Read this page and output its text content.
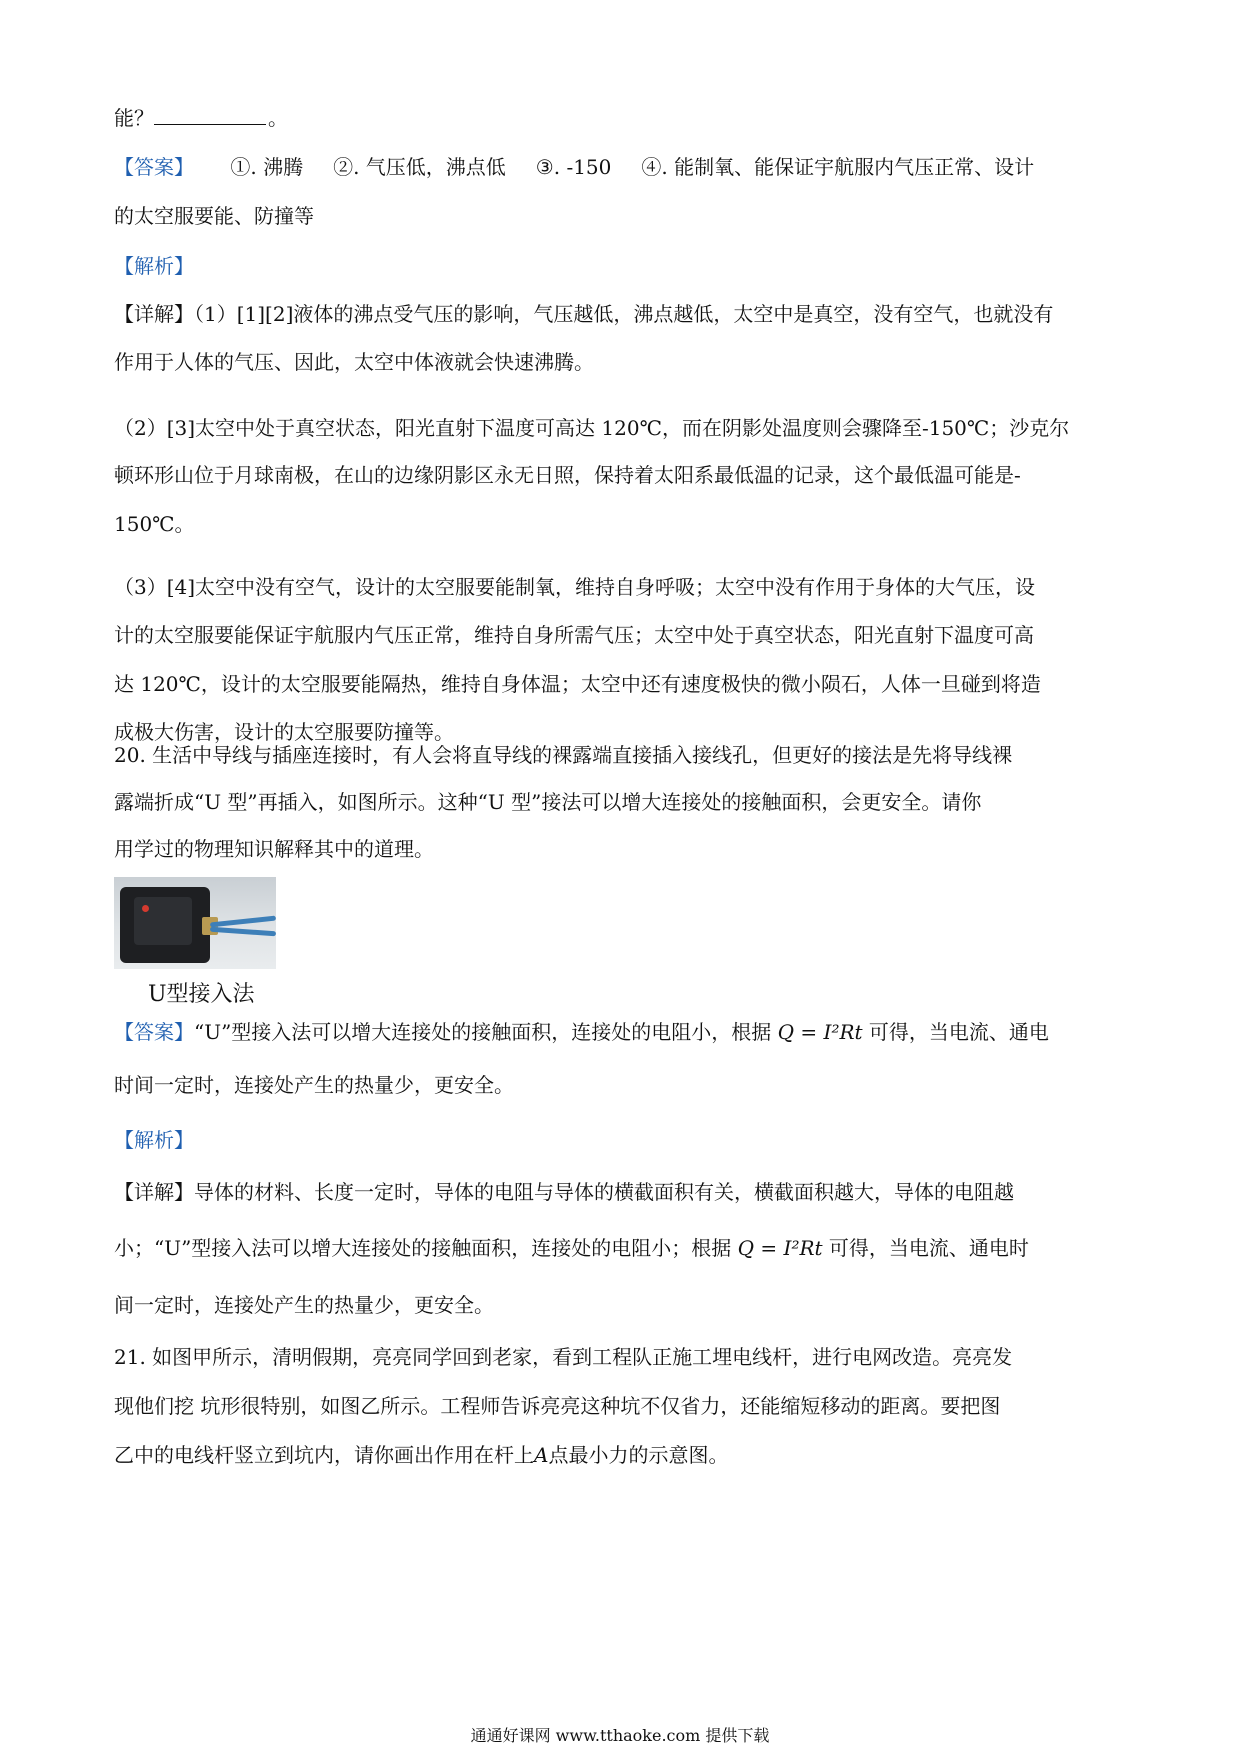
能？	。
【答案】 ①. 沸腾 ②. 气压低，沸点低 ③. -150 ④. 能制氧、能保证宇航服内气压正常、设计
的太空服要能、防撞等
【解析】
【详解】（1）[1][2]液体的沸点受气压的影响，气压越低，沸点越低，太空中是真空，没有空气，也就没有
作用于人体的气压、因此，太空中体液就会快速沸腾。
（2）[3]太空中处于真空状态，阳光直射下温度可高达 120℃，而在阴影处温度则会骤降至-150℃；沙克尔
顿环形山位于月球南极，在山的边缘阴影区永无日照，保持着太阳系最低温的记录，这个最低温可能是-
150℃。
（3）[4]太空中没有空气，设计的太空服要能制氧，维持自身呼吸；太空中没有作用于身体的大气压，设
计的太空服要能保证宇航服内气压正常，维持自身所需气压；太空中处于真空状态，阳光直射下温度可高
达 120℃，设计的太空服要能隔热，维持自身体温；太空中还有速度极快的微小陨石，人体一旦碰到将造
成极大伤害，设计的太空服要防撞等。
20. 生活中导线与插座连接时，有人会将直导线的裸露端直接插入接线孔，但更好的接法是先将导线裸
露端折成“U 型”再插入，如图所示。这种“U 型”接法可以增大连接处的接触面积，会更安全。请你
用学过的物理知识解释其中的道理。
U型接入法
【答案】“U”型接入法可以增大连接处的接触面积，连接处的电阻小，根据 Q = I²Rt 可得，当电流、通电
时间一定时，连接处产生的热量少，更安全。
【解析】
【详解】导体的材料、长度一定时，导体的电阻与导体的横截面积有关，横截面积越大，导体的电阻越
小；“U”型接入法可以增大连接处的接触面积，连接处的电阻小；根据 Q = I²Rt 可得，当电流、通电时
间一定时，连接处产生的热量少，更安全。
21. 如图甲所示，清明假期，亮亮同学回到老家，看到工程队正施工埋电线杆，进行电网改造。亮亮发
现他们挖 坑形很特别，如图乙所示。工程师告诉亮亮这种坑不仅省力，还能缩短移动的距离。要把图
乙中的电线杆竖立到坑内，请你画出作用在杆上A点最小力的示意图。
通通好课网 www.tthaoke.com 提供下载
